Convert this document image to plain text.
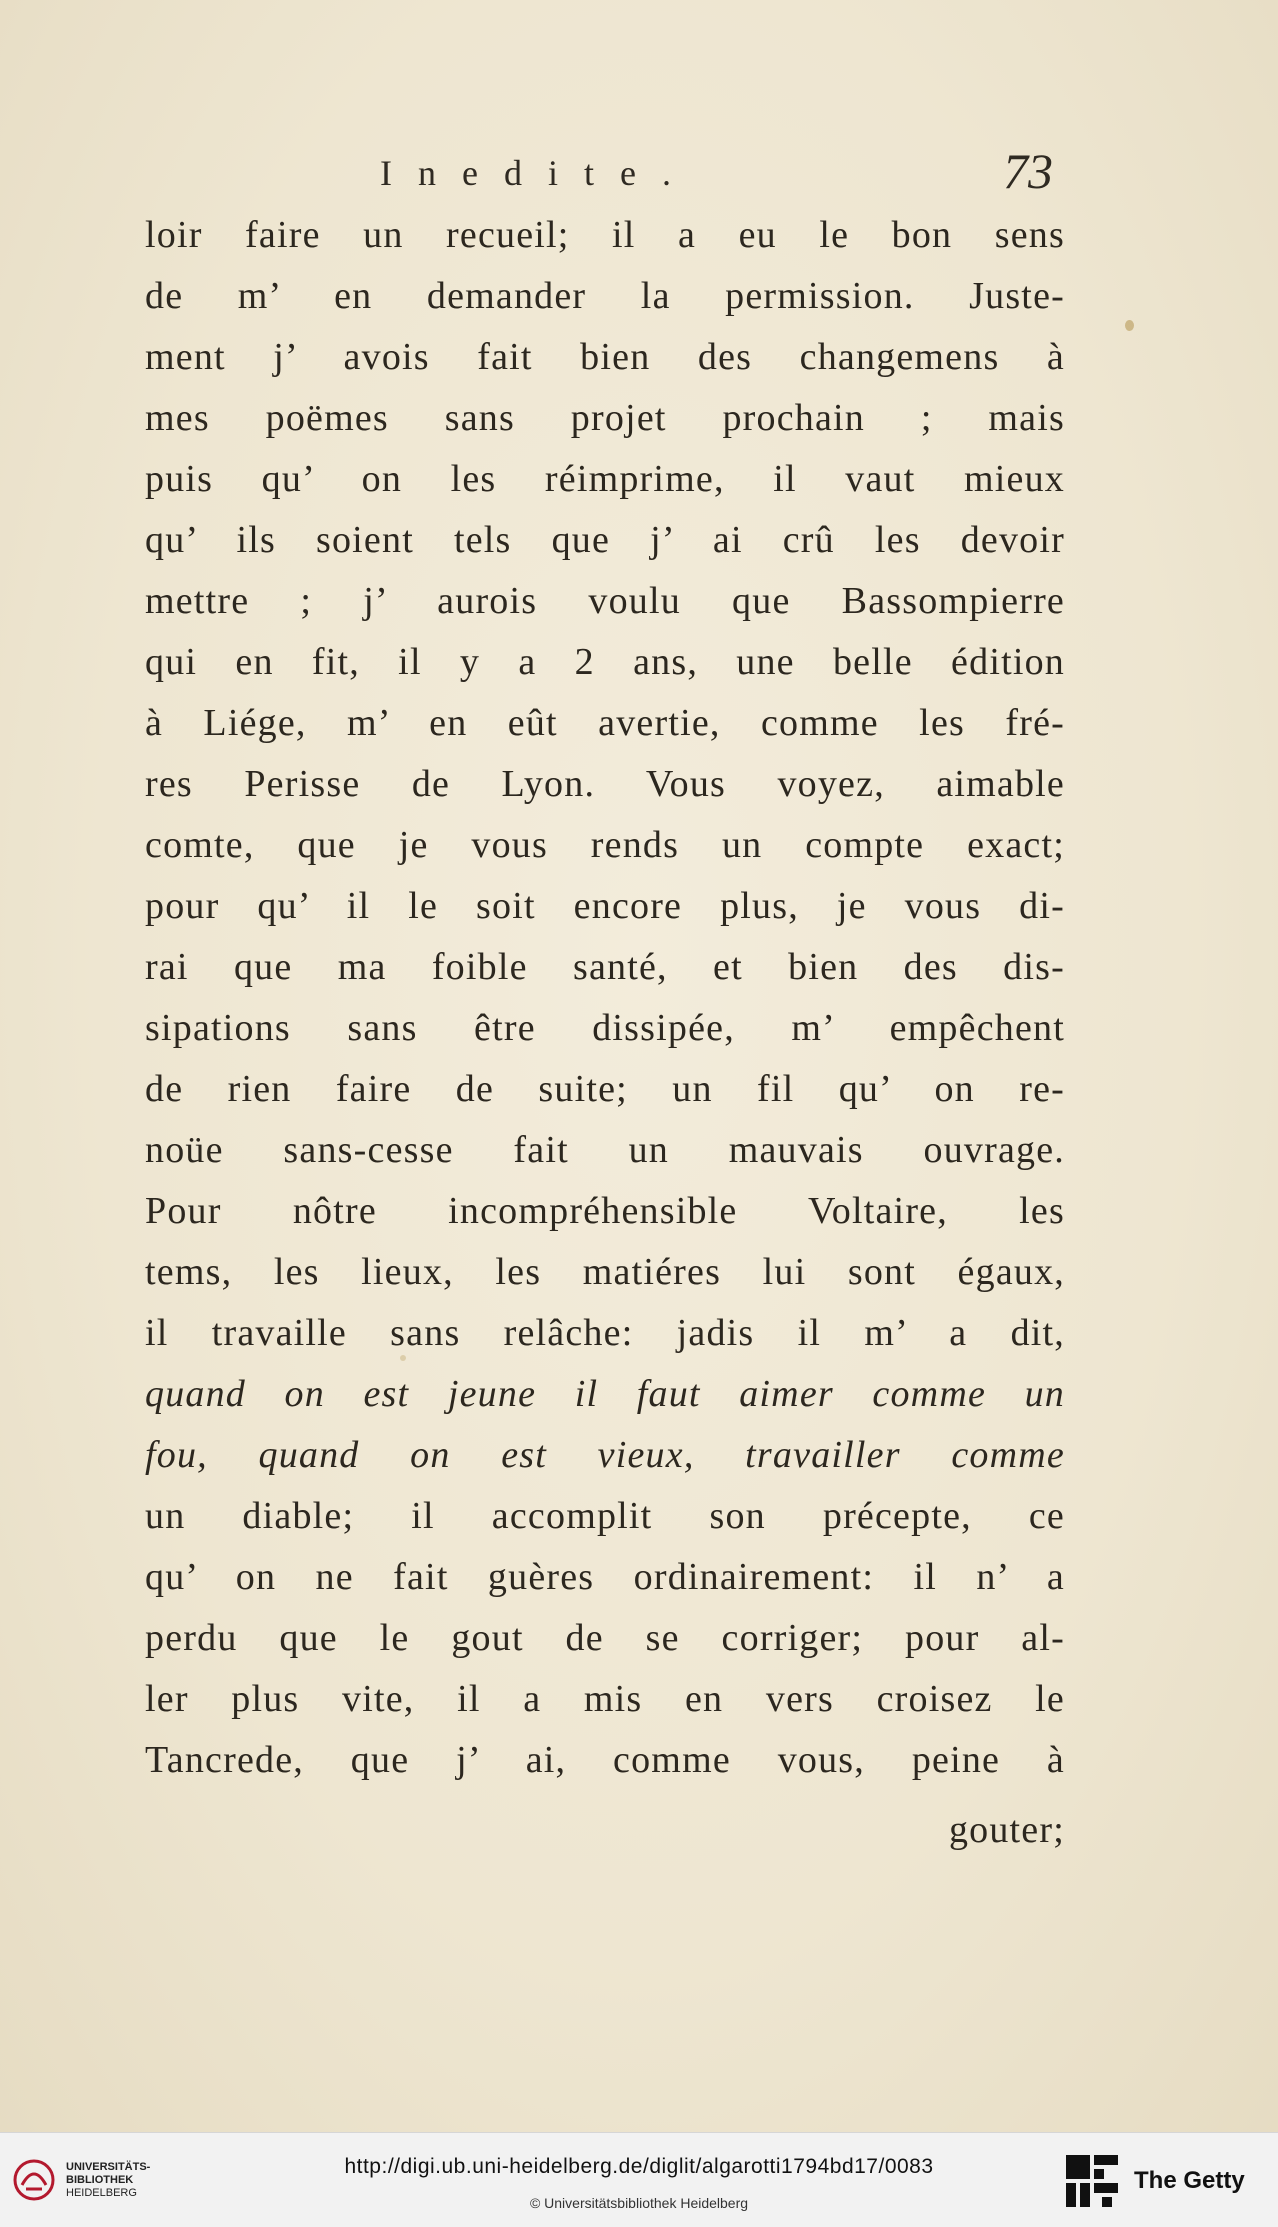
Inedite.	73
loir faire un recueil; il a eu le bon sens
de m’ en demander la permission. Juste-
ment j’ avois fait bien des changemens à
mes poëmes sans projet prochain ; mais
puis qu’ on les réimprime, il vaut mieux
qu’ ils soient tels que j’ ai crû les devoir
mettre ; j’ aurois voulu que Bassompierre
qui en fit, il y a 2 ans, une belle édition
à Liége, m’ en eût avertie, comme les fré-
res Perisse de Lyon. Vous voyez, aimable
comte, que je vous rends un compte exact;
pour qu’ il le soit encore plus, je vous di-
rai que ma foible santé, et bien des dis-
sipations sans être dissipée, m’ empêchent
de rien faire de suite; un fil qu’ on re-
noüe sans-cesse fait un mauvais ouvrage.
Pour nôtre incompréhensible Voltaire, les
tems, les lieux, les matiéres lui sont égaux,
il travaille sans relâche: jadis il m’ a dit,
quand on est jeune il faut aimer comme un
fou, quand on est vieux, travailler comme
un diable; il accomplit son précepte, ce
qu’ on ne fait guères ordinairement: il n’ a
perdu que le gout de se corriger; pour al-
ler plus vite, il a mis en vers croisez le
Tancrede, que j’ ai, comme vous, peine à
gouter;
UNIVERSITÄTS-
BIBLIOTHEK
HEIDELBERG
http://digi.ub.uni-heidelberg.de/diglit/algarotti1794bd17/0083
© Universitätsbibliothek Heidelberg
The Getty
